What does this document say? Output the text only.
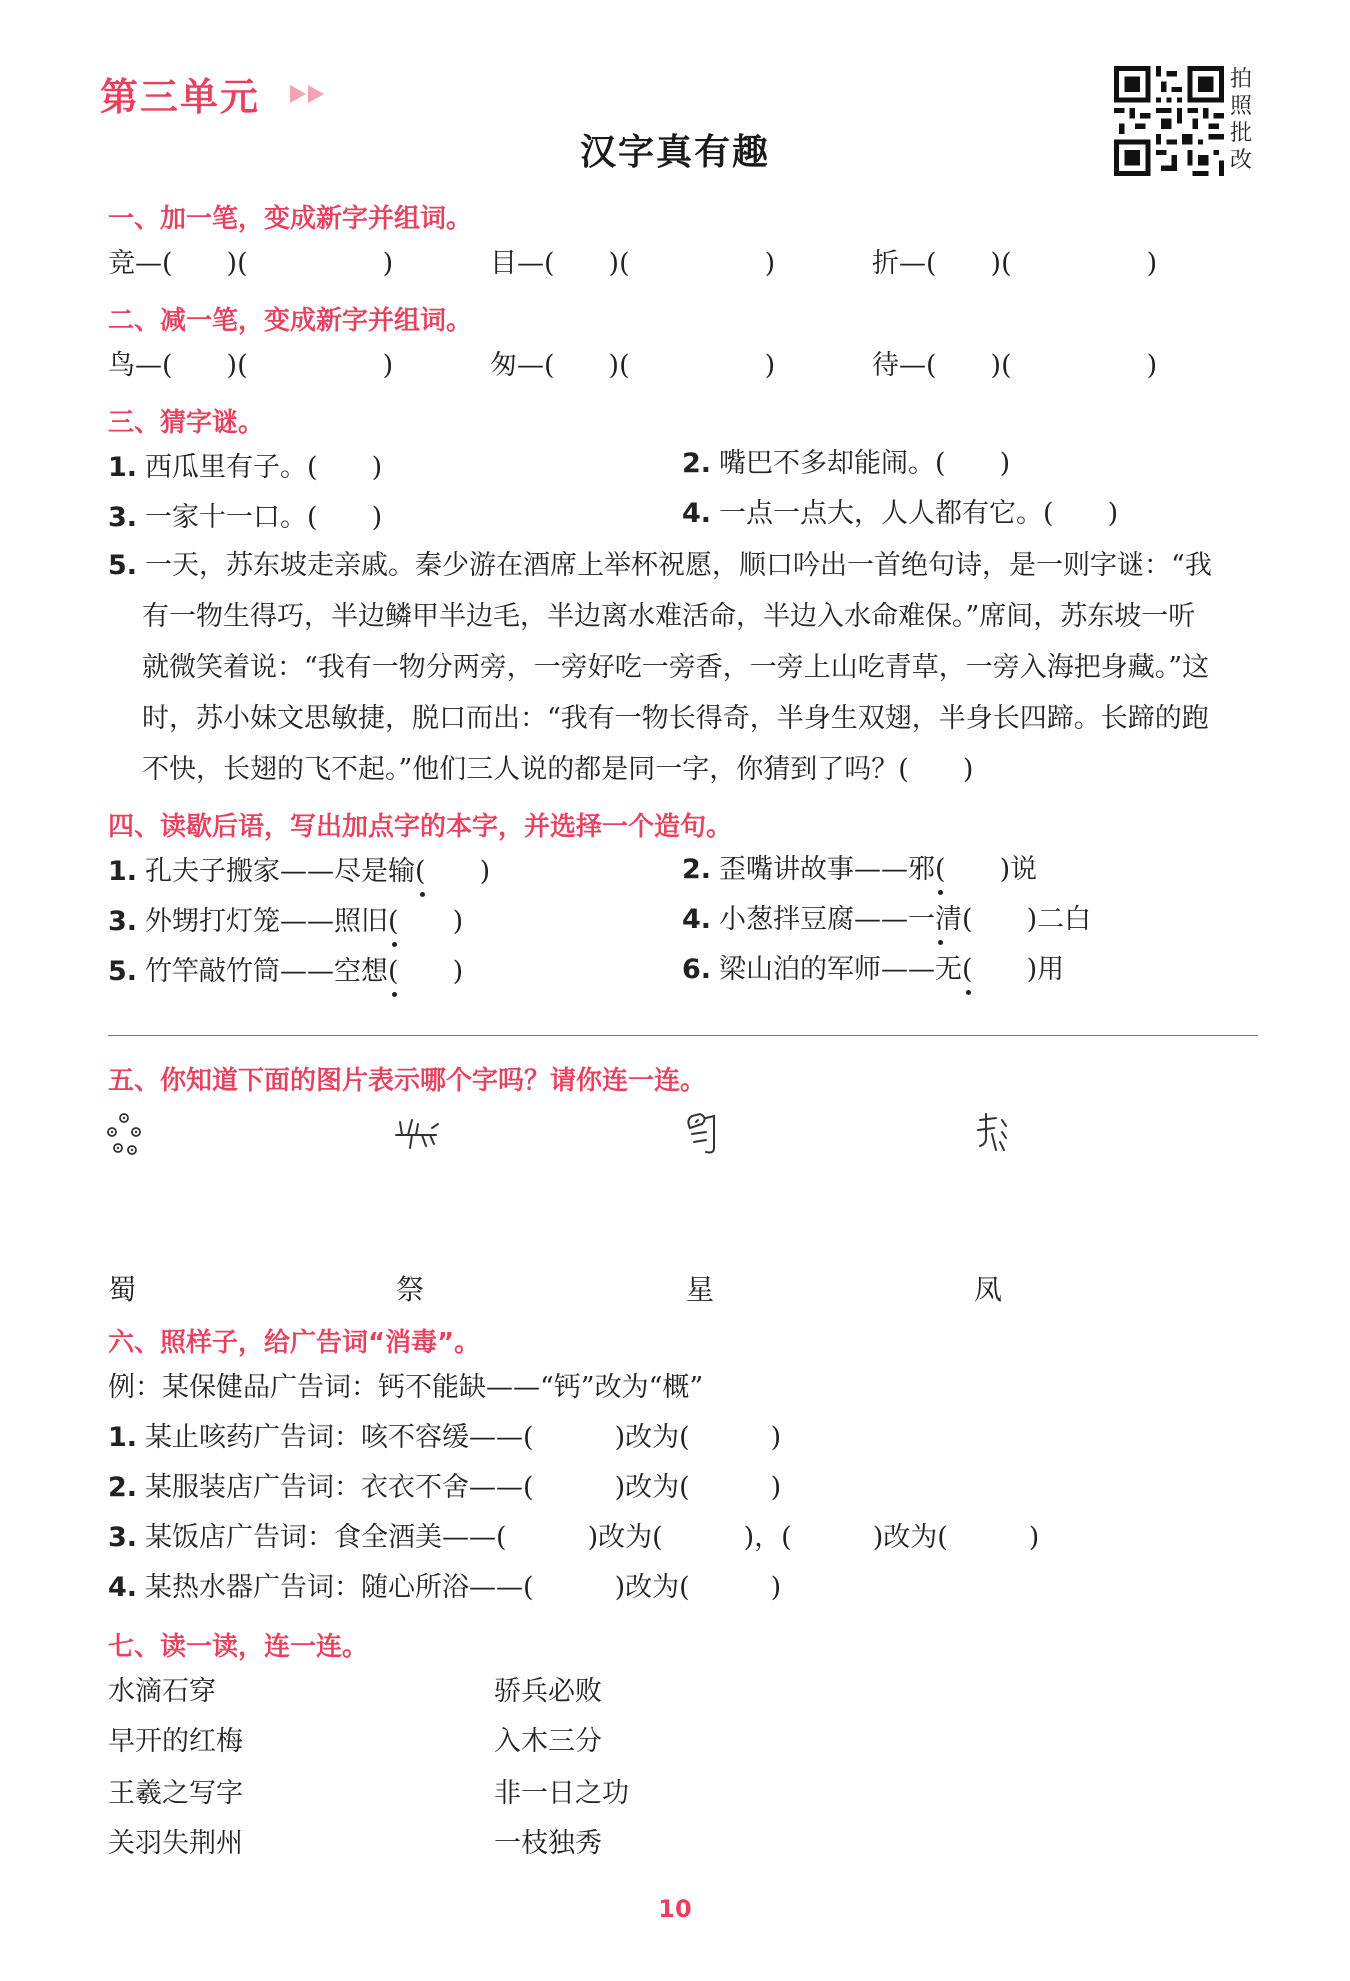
第三单元
汉字真有趣
拍
照
批
改
一、加一笔，变成新字并组词。
竞—(　　)(　　　　　)	目—(　　)(　　　　　)	折—(　　)(　　　　　)
二、减一笔，变成新字并组词。
鸟—(　　)(　　　　　)	匆—(　　)(　　　　　)	待—(　　)(　　　　　)
三、猜字谜。
1. 西瓜里有子。(　　)	2. 嘴巴不多却能闹。(　　)
3. 一家十一口。(　　)	4. 一点一点大，人人都有它。(　　)
5. 一天，苏东坡走亲戚。秦少游在酒席上举杯祝愿，顺口吟出一首绝句诗，是一则字谜：“我
有一物生得巧，半边鳞甲半边毛，半边离水难活命，半边入水命难保。”席间，苏东坡一听
就微笑着说：“我有一物分两旁，一旁好吃一旁香，一旁上山吃青草，一旁入海把身藏。”这
时，苏小妹文思敏捷，脱口而出：“我有一物长得奇，半身生双翅，半身长四蹄。长蹄的跑
不快，长翅的飞不起。”他们三人说的都是同一字，你猜到了吗？(　　)
四、读歇后语，写出加点字的本字，并选择一个造句。
1. 孔夫子搬家——尽是输(　　)	2. 歪嘴讲故事——邪(　　)说
3. 外甥打灯笼——照旧(　　)	4. 小葱拌豆腐——一清(　　)二白
5. 竹竿敲竹筒——空想(　　)	6. 梁山泊的军师——无(　　)用
五、你知道下面的图片表示哪个字吗？请你连一连。
蜀	祭	星	凤
六、照样子，给广告词“消毒”。
例：某保健品广告词：钙不能缺——“钙”改为“概”
1. 某止咳药广告词：咳不容缓——(　　　)改为(　　　)
2. 某服装店广告词：衣衣不舍——(　　　)改为(　　　)
3. 某饭店广告词：食全酒美——(　　　)改为(　　　)，(　　　)改为(　　　)
4. 某热水器广告词：随心所浴——(　　　)改为(　　　)
七、读一读，连一连。
水滴石穿
早开的红梅
王羲之写字
关羽失荆州
骄兵必败
入木三分
非一日之功
一枝独秀
10
